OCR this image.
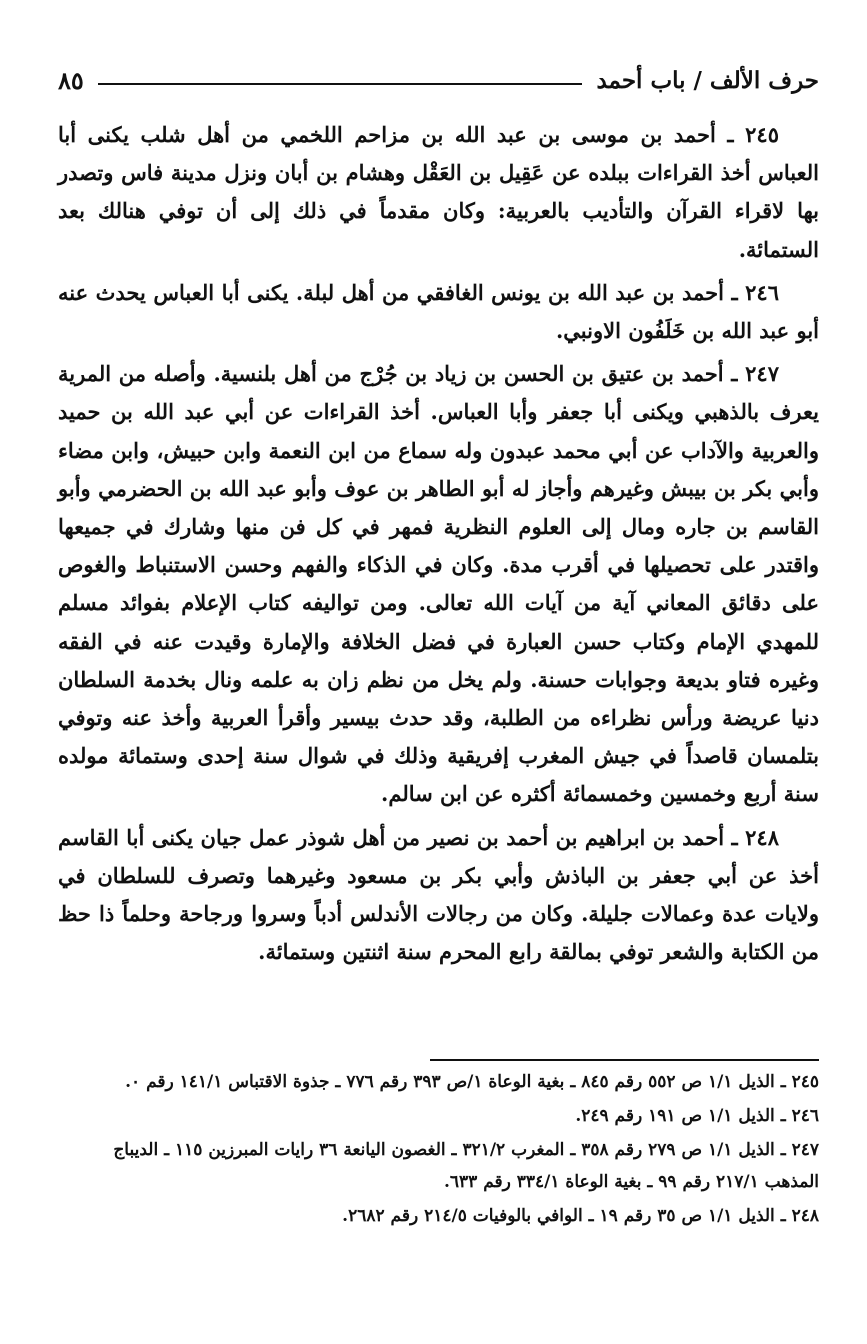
حرف الألف / باب أحمد
٨٥

٢٤٥ ـ أحمد بن موسى بن عبد الله بن مزاحم اللخمي من أهل شلب يكنى أبا العباس أخذ القراءات ببلده عن عَقِيل بن العَقْل وهشام بن أبان ونزل مدينة فاس وتصدر بها لاقراء القرآن والتأديب بالعربية: وكان مقدماً في ذلك إلى أن توفي هنالك بعد الستمائة.

٢٤٦ ـ أحمد بن عبد الله بن يونس الغافقي من أهل لبلة. يكنى أبا العباس يحدث عنه أبو عبد الله بن خَلَفُون الاونبي.

٢٤٧ ـ أحمد بن عتيق بن الحسن بن زياد بن جُرْج من أهل بلنسية. وأصله من المرية يعرف بالذهبي ويكنى أبا جعفر وأبا العباس. أخذ القراءات عن أبي عبد الله بن حميد والعربية والآداب عن أبي محمد عبدون وله سماع من ابن النعمة وابن حبيش، وابن مضاء وأبي بكر بن بيبش وغيرهم وأجاز له أبو الطاهر بن عوف وأبو عبد الله بن الحضرمي وأبو القاسم بن جاره ومال إلى العلوم النظرية فمهر في كل فن منها وشارك في جميعها واقتدر على تحصيلها في أقرب مدة. وكان في الذكاء والفهم وحسن الاستنباط والغوص على دقائق المعاني آية من آيات الله تعالى. ومن تواليفه كتاب الإعلام بفوائد مسلم للمهدي الإمام وكتاب حسن العبارة في فضل الخلافة والإمارة وقيدت عنه في الفقه وغيره فتاو بديعة وجوابات حسنة. ولم يخل من نظم زان به علمه ونال بخدمة السلطان دنيا عريضة ورأس نظراءه من الطلبة، وقد حدث بيسير وأقرأ العربية وأخذ عنه وتوفي بتلمسان قاصداً في جيش المغرب إفريقية وذلك في شوال سنة إحدى وستمائة مولده سنة أربع وخمسين وخمسمائة أكثره عن ابن سالم.

٢٤٨ ـ أحمد بن ابراهيم بن أحمد بن نصير من أهل شوذر عمل جيان يكنى أبا القاسم أخذ عن أبي جعفر بن الباذش وأبي بكر بن مسعود وغيرهما وتصرف للسلطان في ولايات عدة وعمالات جليلة. وكان من رجالات الأندلس أدباً وسروا ورجاحة وحلماً ذا حظ من الكتابة والشعر توفي بمالقة رابع المحرم سنة اثنتين وستمائة.

٢٤٥ ـ الذيل ١/١ ص ٥٥٢ رقم ٨٤٥ ـ بغية الوعاة ١/ص ٣٩٣ رقم ٧٧٦ ـ جذوة الاقتباس ١٤١/١ رقم ٠.

٢٤٦ ـ الذيل ١/١ ص ١٩١ رقم ٢٤٩.

٢٤٧ ـ الذيل ١/١ ص ٢٧٩ رقم ٣٥٨ ـ المغرب ٣٢١/٢ ـ الغصون اليانعة ٣٦ رايات المبرزين ١١٥ ـ الديباج المذهب ٢١٧/١ رقم ٩٩ ـ بغية الوعاة ٣٣٤/١ رقم ٦٣٣.

٢٤٨ ـ الذيل ١/١ ص ٣٥ رقم ١٩ ـ الوافي بالوفيات ٢١٤/٥ رقم ٢٦٨٢.
